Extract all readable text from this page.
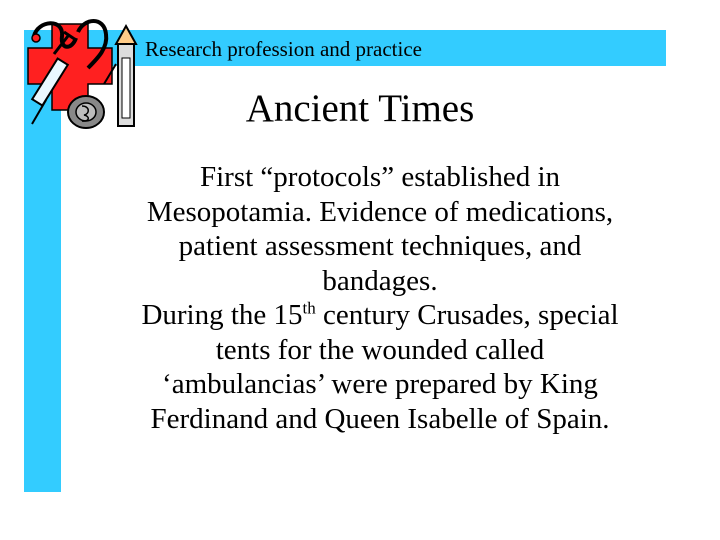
Research profession and practice
Ancient Times

First “protocols” established in
Mesopotamia. Evidence of medications,
patient assessment techniques, and
bandages.

During the 15th century Crusades, special
tents for the wounded called
‘ambulancias’ were prepared by King
Ferdinand and Queen Isabelle of Spain.
